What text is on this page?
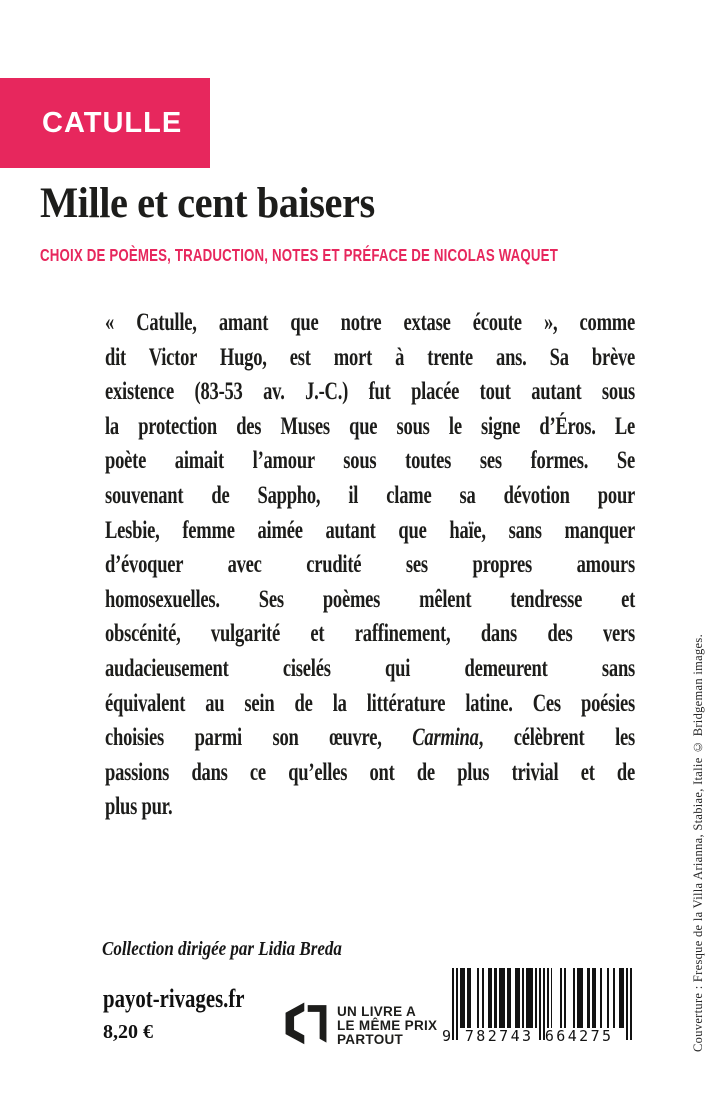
CATULLE
Mille et cent baisers
CHOIX DE POÈMES, TRADUCTION, NOTES ET PRÉFACE DE NICOLAS WAQUET
« Catulle, amant que notre extase écoute », comme
dit Victor Hugo, est mort à trente ans. Sa brève
existence (83-53 av. J.-C.) fut placée tout autant sous
la protection des Muses que sous le signe d’Éros. Le
poète aimait l’amour sous toutes ses formes. Se
souvenant de Sappho, il clame sa dévotion pour
Lesbie, femme aimée autant que haïe, sans manquer
d’évoquer avec crudité ses propres amours
homosexuelles. Ses poèmes mêlent tendresse et
obscénité, vulgarité et raffinement, dans des vers
audacieusement ciselés qui demeurent sans
équivalent au sein de la littérature latine. Ces poésies
choisies parmi son œuvre, Carmina, célèbrent les
passions dans ce qu’elles ont de plus trivial et de
plus pur.
Collection dirigée par Lidia Breda
payot-rivages.fr
8,20 €
UN LIVRE A
LE MÊME PRIX
PARTOUT	9 782743 664275	Couverture : Fresque de la Villa Arianna, Stabiae, Italie © Bridgeman images.
